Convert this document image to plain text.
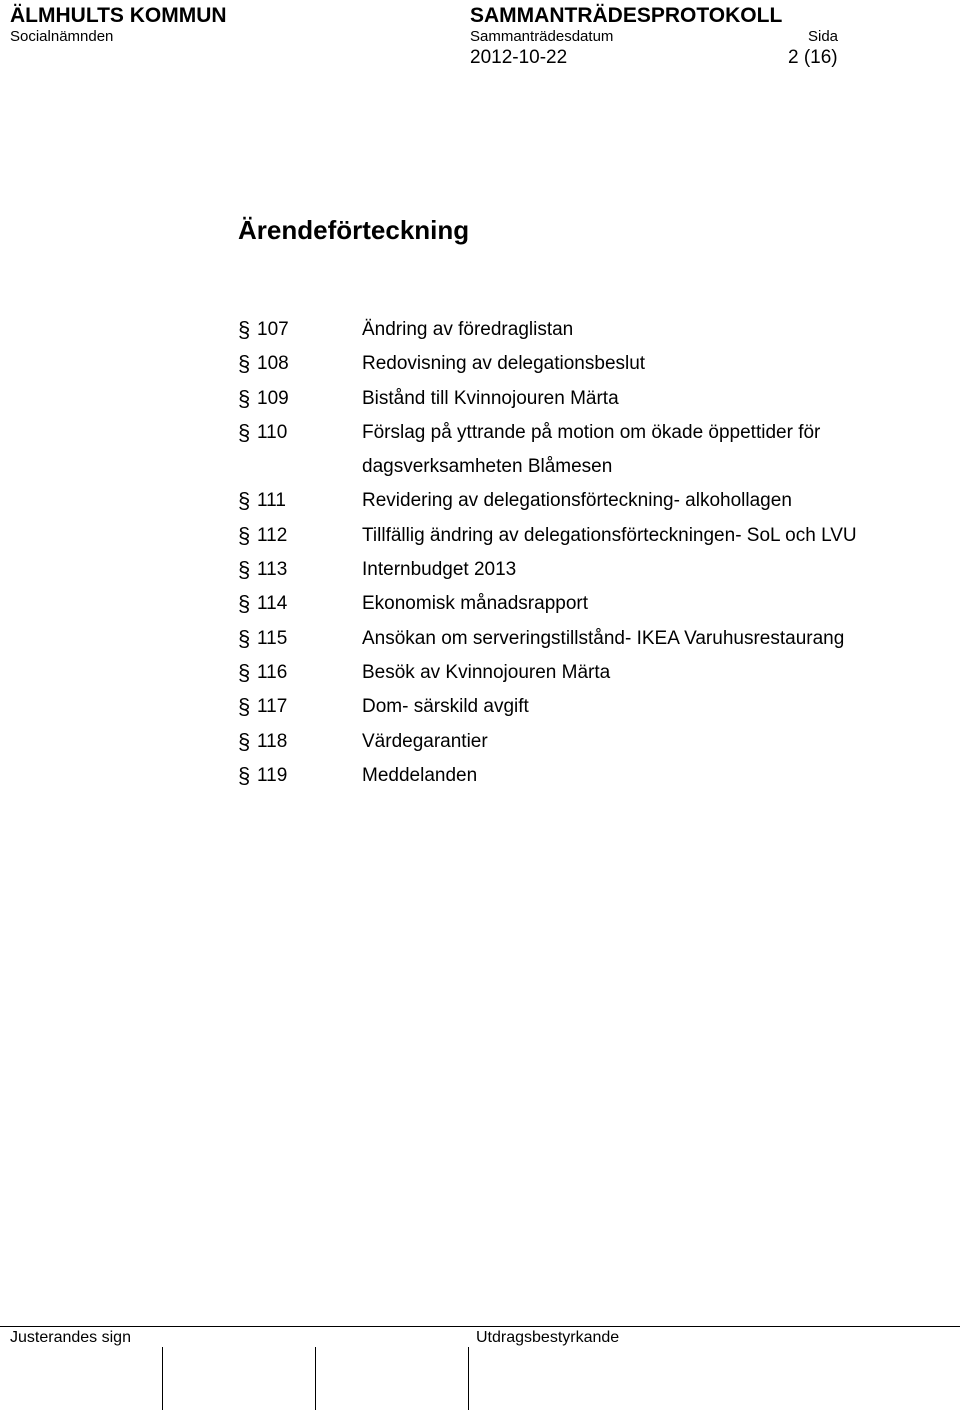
ÄLMHULTS KOMMUN
Socialnämnden
SAMMANTRÄDESPROTOKOLL
Sammanträdesdatum	Sida
2012-10-22	2 (16)
Ärendeförteckning
§ 107	Ändring av föredraglistan
§ 108	Redovisning av delegationsbeslut
§ 109	Bistånd till Kvinnojouren Märta
§ 110	Förslag på yttrande på motion om ökade öppettider för dagsverksamheten Blåmesen
§ 111	Revidering av delegationsförteckning- alkohollagen
§ 112	Tillfällig ändring av delegationsförteckningen- SoL och LVU
§ 113	Internbudget 2013
§ 114	Ekonomisk månadsrapport
§ 115	Ansökan om serveringstillstånd- IKEA Varuhusrestaurang
§ 116	Besök av Kvinnojouren Märta
§ 117	Dom- särskild avgift
§ 118	Värdegarantier
§ 119	Meddelanden
Justerandes sign	Utdragsbestyrkande
